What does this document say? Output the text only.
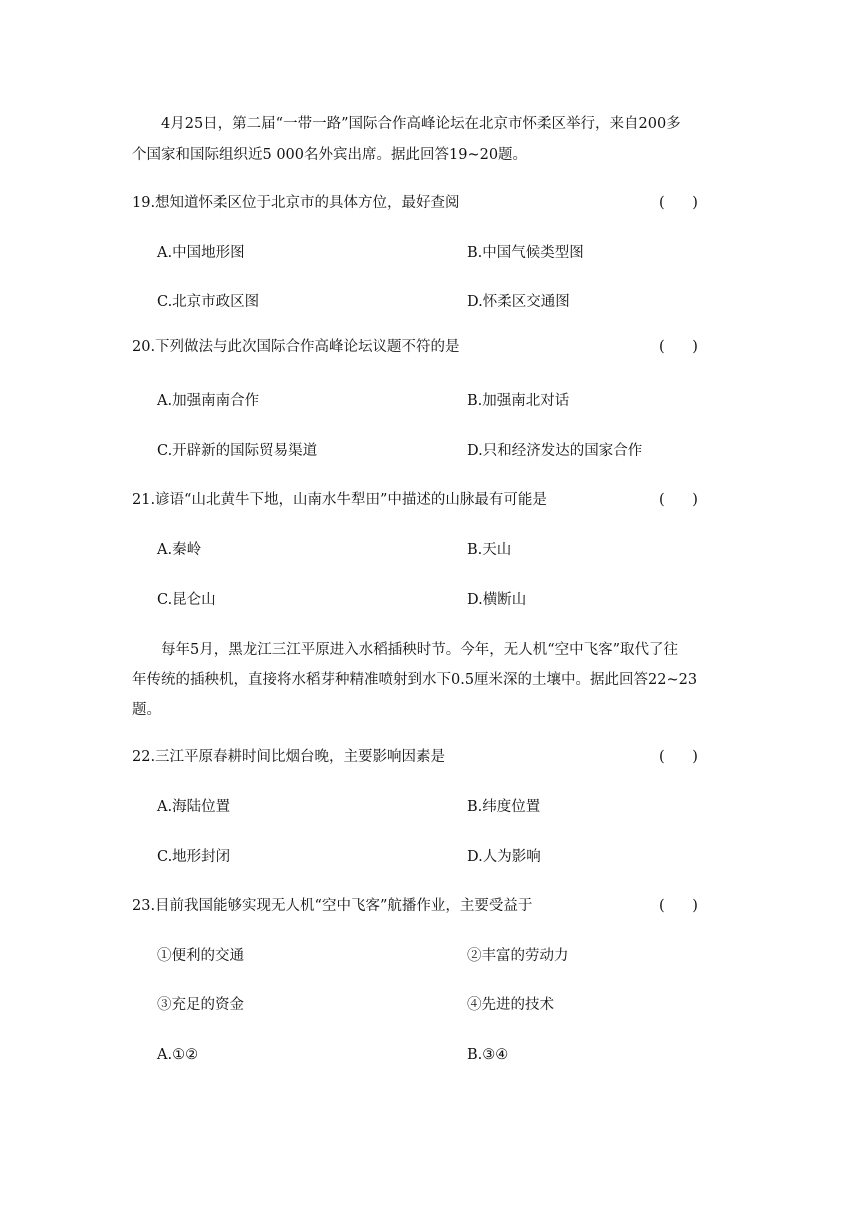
4月25日，第二届“一带一路”国际合作高峰论坛在北京市怀柔区举行，来自200多
个国家和国际组织近5 000名外宾出席。据此回答19~20题。
19.想知道怀柔区位于北京市的具体方位，最好查阅	(      )
A.中国地形图	B.中国气候类型图
C.北京市政区图	D.怀柔区交通图
20.下列做法与此次国际合作高峰论坛议题不符的是	(      )
A.加强南南合作	B.加强南北对话
C.开辟新的国际贸易渠道	D.只和经济发达的国家合作
21.谚语“山北黄牛下地，山南水牛犁田”中描述的山脉最有可能是	(      )
A.秦岭	B.天山
C.昆仑山	D.横断山
每年5月，黑龙江三江平原进入水稻插秧时节。今年，无人机“空中飞客”取代了往
年传统的插秧机，直接将水稻芽种精准喷射到水下0.5厘米深的土壤中。据此回答22~23
题。
22.三江平原春耕时间比烟台晚，主要影响因素是	(      )
A.海陆位置	B.纬度位置
C.地形封闭	D.人为影响
23.目前我国能够实现无人机“空中飞客”航播作业，主要受益于	(      )
①便利的交通	②丰富的劳动力
③充足的资金	④先进的技术
A.①②	B.③④
